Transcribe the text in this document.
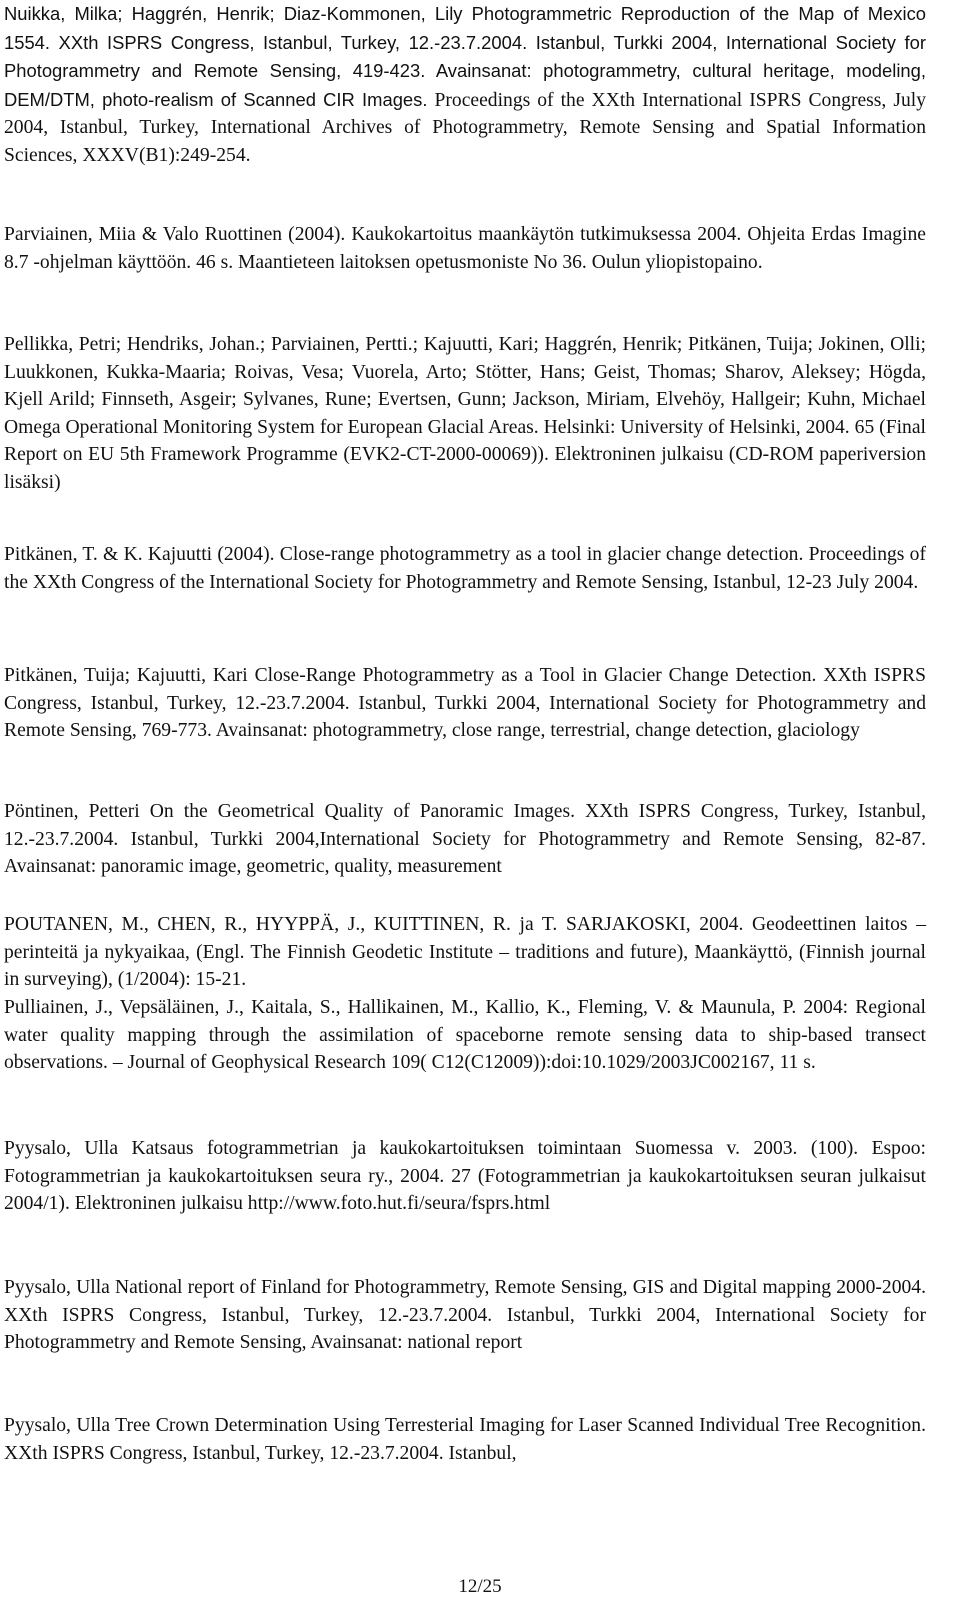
Nuikka, Milka; Haggrén, Henrik; Diaz-Kommonen, Lily Photogrammetric Reproduction of the Map of Mexico 1554. XXth ISPRS Congress, Istanbul, Turkey, 12.-23.7.2004. Istanbul, Turkki 2004, International Society for Photogrammetry and Remote Sensing, 419-423. Avainsanat: photogrammetry, cultural heritage, modeling, DEM/DTM, photo-realism of Scanned CIR Images. Proceedings of the XXth International ISPRS Congress, July 2004, Istanbul, Turkey, International Archives of Photogrammetry, Remote Sensing and Spatial Information Sciences, XXXV(B1):249-254.

Parviainen, Miia & Valo Ruottinen (2004). Kaukokartoitus maankäytön tutkimuksessa 2004. Ohjeita Erdas Imagine 8.7 -ohjelman käyttöön. 46 s. Maantieteen laitoksen opetusmoniste No 36. Oulun yliopistopaino.

Pellikka, Petri; Hendriks, Johan.; Parviainen, Pertti.; Kajuutti, Kari; Haggrén, Henrik; Pitkänen, Tuija; Jokinen, Olli; Luukkonen, Kukka-Maaria; Roivas, Vesa; Vuorela, Arto; Stötter, Hans; Geist, Thomas; Sharov, Aleksey; Högda, Kjell Arild; Finnseth, Asgeir; Sylvanes, Rune; Evertsen, Gunn; Jackson, Miriam, Elvehöy, Hallgeir; Kuhn, Michael Omega Operational Monitoring System for European Glacial Areas. Helsinki: University of Helsinki, 2004. 65 (Final Report on EU 5th Framework Programme (EVK2-CT-2000-00069)). Elektroninen julkaisu (CD-ROM paperiversion lisäksi)

Pitkänen, T. & K. Kajuutti (2004). Close-range photogrammetry as a tool in glacier change detection. Proceedings of the XXth Congress of the International Society for Photogrammetry and Remote Sensing, Istanbul, 12-23 July 2004.

Pitkänen, Tuija; Kajuutti, Kari Close-Range Photogrammetry as a Tool in Glacier Change Detection. XXth ISPRS Congress, Istanbul, Turkey, 12.-23.7.2004. Istanbul, Turkki 2004, International Society for Photogrammetry and Remote Sensing, 769-773. Avainsanat: photogrammetry, close range, terrestrial, change detection, glaciology

Pöntinen, Petteri On the Geometrical Quality of Panoramic Images. XXth ISPRS Congress, Turkey, Istanbul, 12.-23.7.2004. Istanbul, Turkki 2004,International Society for Photogrammetry and Remote Sensing, 82-87. Avainsanat: panoramic image, geometric, quality, measurement

POUTANEN, M., CHEN, R., HYYPPÄ, J., KUITTINEN, R. ja T. SARJAKOSKI, 2004. Geodeettinen laitos – perinteitä ja nykyaikaa, (Engl. The Finnish Geodetic Institute – traditions and future), Maankäyttö, (Finnish journal in surveying), (1/2004): 15-21.

Pulliainen, J., Vepsäläinen, J., Kaitala, S., Hallikainen, M., Kallio, K., Fleming, V. & Maunula, P. 2004: Regional water quality mapping through the assimilation of spaceborne remote sensing data to ship-based transect observations. – Journal of Geophysical Research 109( C12(C12009)):doi:10.1029/2003JC002167, 11 s.

Pyysalo, Ulla Katsaus fotogrammetrian ja kaukokartoituksen toimintaan Suomessa v. 2003. (100). Espoo: Fotogrammetrian ja kaukokartoituksen seura ry., 2004. 27 (Fotogrammetrian ja kaukokartoituksen seuran julkaisut 2004/1). Elektroninen julkaisu http://www.foto.hut.fi/seura/fsprs.html

Pyysalo, Ulla National report of Finland for Photogrammetry, Remote Sensing, GIS and Digital mapping 2000-2004. XXth ISPRS Congress, Istanbul, Turkey, 12.-23.7.2004. Istanbul, Turkki 2004, International Society for Photogrammetry and Remote Sensing, Avainsanat: national report

Pyysalo, Ulla Tree Crown Determination Using Terresterial Imaging for Laser Scanned Individual Tree Recognition. XXth ISPRS Congress, Istanbul, Turkey, 12.-23.7.2004. Istanbul,

12/25
